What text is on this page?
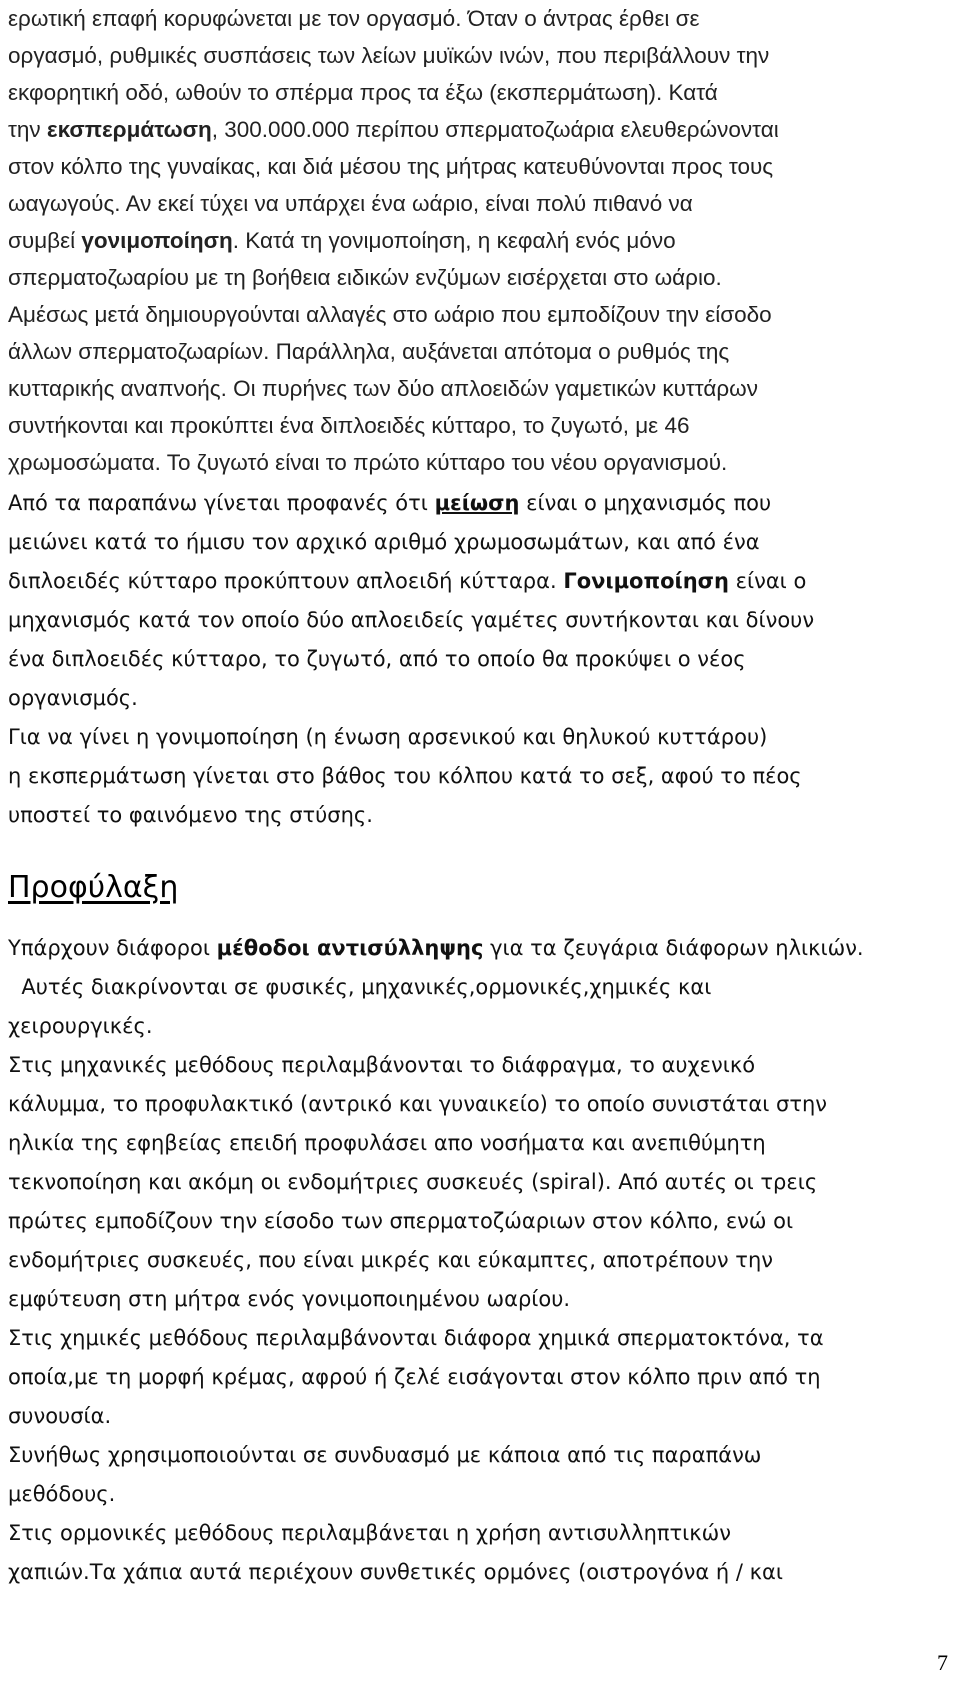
ερωτική επαφή κορυφώνεται με τον οργασμό. Όταν ο άντρας έρθει σε
οργασμό, ρυθμικές συσπάσεις των λείων μυϊκών ινών, που περιβάλλουν την
εκφορητική οδό, ωθούν το σπέρμα προς τα έξω (εκσπερμάτωση). Κατά
την εκσπερμάτωση, 300.000.000 περίπου σπερματοζωάρια ελευθερώνονται
στον κόλπο της γυναίκας, και διά μέσου της μήτρας κατευθύνονται προς τους
ωαγωγούς. Αν εκεί τύχει να υπάρχει ένα ωάριο, είναι πολύ πιθανό να
συμβεί γονιμοποίηση. Κατά τη γονιμοποίηση, η κεφαλή ενός μόνο
σπερματοζωαρίου με τη βοήθεια ειδικών ενζύμων εισέρχεται στο ωάριο.
Αμέσως μετά δημιουργούνται αλλαγές στο ωάριο που εμποδίζουν την είσοδο
άλλων σπερματοζωαρίων. Παράλληλα, αυξάνεται απότομα ο ρυθμός της
κυτταρικής αναπνοής. Οι πυρήνες των δύο απλοειδών γαμετικών κυττάρων
συντήκονται και προκύπτει ένα διπλοειδές κύτταρο, το ζυγωτό, με 46
χρωμοσώματα. Το ζυγωτό είναι το πρώτο κύτταρο του νέου οργανισμού.
Από τα παραπάνω γίνεται προφανές ότι μείωση είναι ο μηχανισμός που
μειώνει κατά το ήμισυ τον αρχικό αριθμό χρωμοσωμάτων, και από ένα
διπλοειδές κύτταρο προκύπτουν απλοειδή κύτταρα. Γονιμοποίηση είναι ο
μηχανισμός κατά τον οποίο δύο απλοειδείς γαμέτες συντήκονται και δίνουν
ένα διπλοειδές κύτταρο, το ζυγωτό, από το οποίο θα προκύψει ο νέος
οργανισμός.
Για να γίνει η γονιμοποίηση (η ένωση αρσενικού και θηλυκού κυττάρου)
η εκσπερμάτωση γίνεται στο βάθος του κόλπου κατά το σεξ, αφού το πέος
υποστεί το φαινόμενο της στύσης.
Προφύλαξη
Υπάρχουν διάφοροι μέθοδοι αντισύλληψης για τα ζευγάρια διάφορων ηλικιών.
Αυτές διακρίνονται σε φυσικές, μηχανικές,ορμονικές,χημικές και
χειρουργικές.
Στις μηχανικές μεθόδους περιλαμβάνονται το διάφραγμα, το αυχενικό
κάλυμμα, το προφυλακτικό (αντρικό και γυναικείο) το οποίο συνιστάται στην
ηλικία της εφηβείας επειδή προφυλάσει απο νοσήματα και ανεπιθύμητη
τεκνοποίηση και ακόμη οι ενδομήτριες συσκευές (spiral). Από αυτές οι τρεις
πρώτες εμποδίζουν την είσοδο των σπερματοζώαριων στον κόλπο, ενώ οι
ενδομήτριες συσκευές, που είναι μικρές και εύκαμπτες, αποτρέπουν την
εμφύτευση στη μήτρα ενός γονιμοποιημένου ωαρίου.
Στις χημικές μεθόδους περιλαμβάνονται διάφορα χημικά σπερματοκτόνα, τα
οποία,με τη μορφή κρέμας, αφρού ή ζελέ εισάγονται στον κόλπο πριν από τη
συνουσία.
Συνήθως χρησιμοποιούνται σε συνδυασμό με κάποια από τις παραπάνω
μεθόδους.
Στις ορμονικές μεθόδους περιλαμβάνεται η χρήση αντισυλληπτικών
χαπιών.Τα χάπια αυτά περιέχουν συνθετικές ορμόνες (οιστρογόνα ή / και
7
